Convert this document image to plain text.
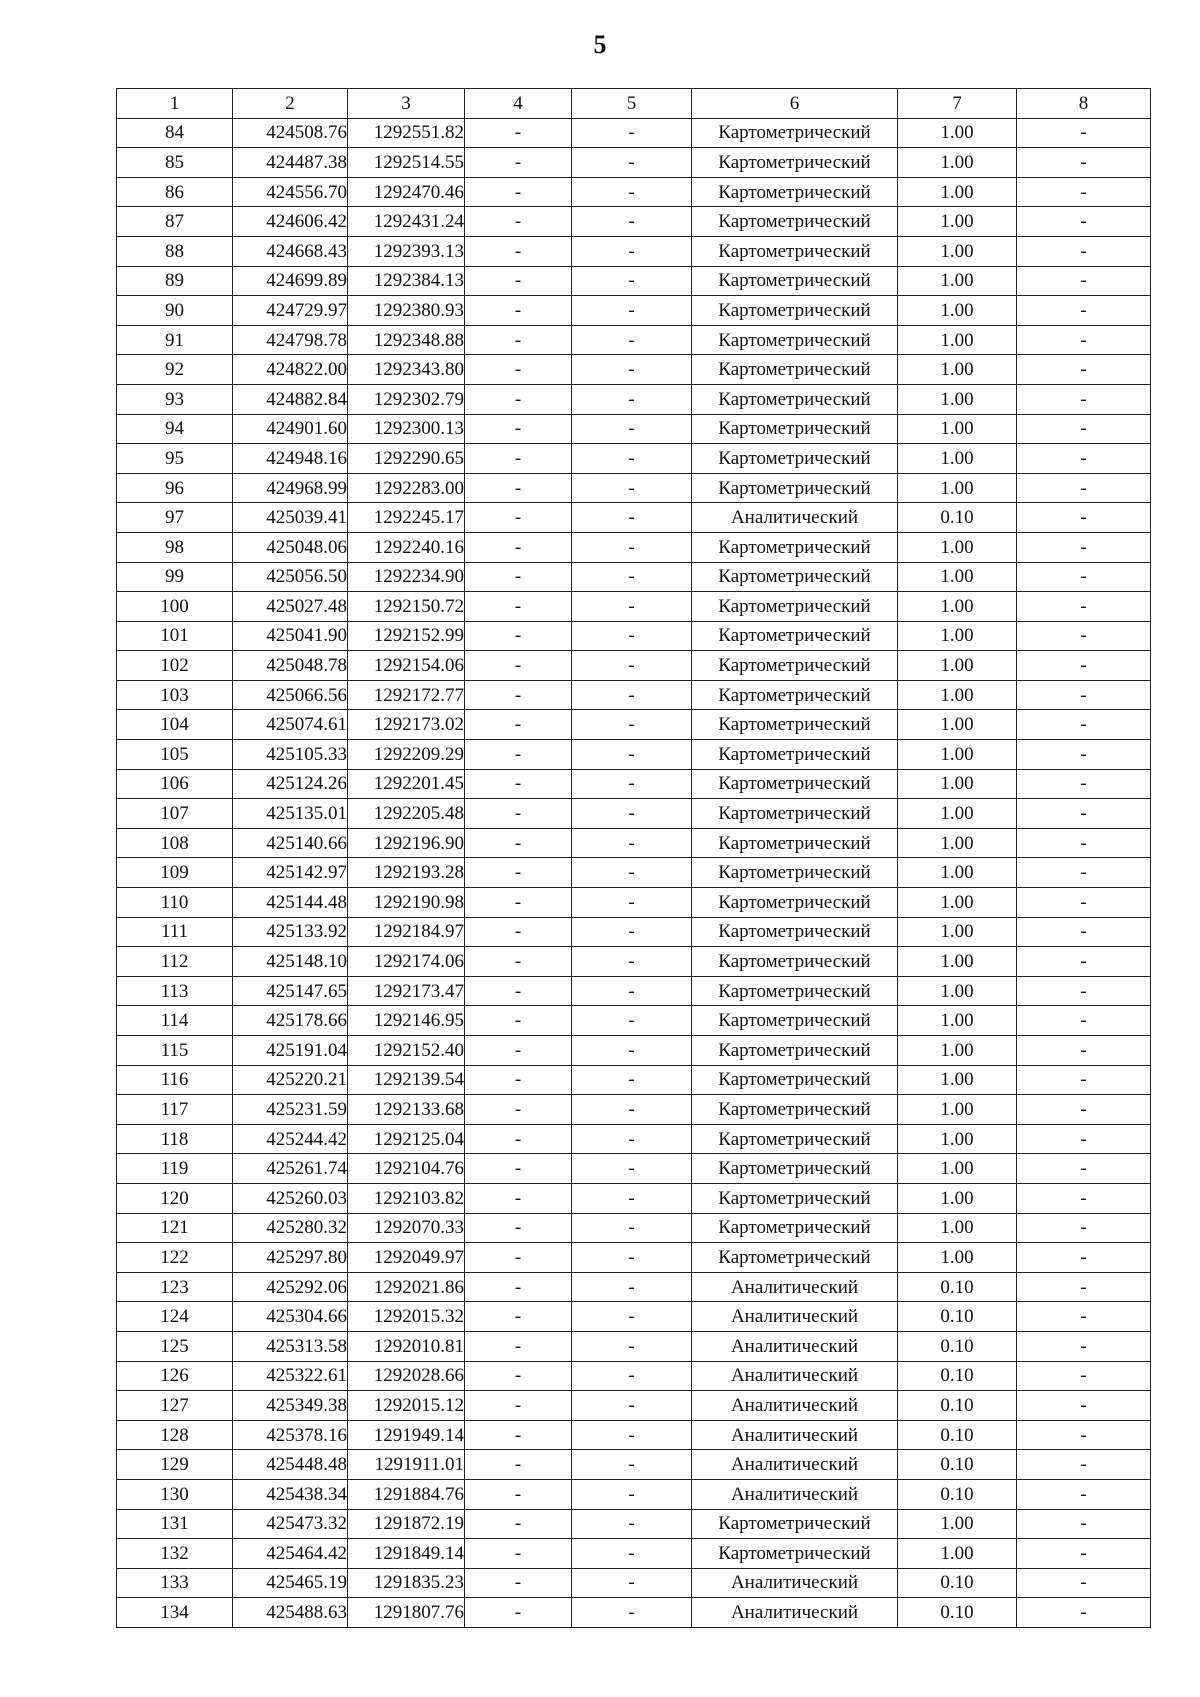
5
1	2	3	4	5	6	7	8
84	424508.76	1292551.82	-	-	Картометрический	1.00	-
85	424487.38	1292514.55	-	-	Картометрический	1.00	-
86	424556.70	1292470.46	-	-	Картометрический	1.00	-
87	424606.42	1292431.24	-	-	Картометрический	1.00	-
88	424668.43	1292393.13	-	-	Картометрический	1.00	-
89	424699.89	1292384.13	-	-	Картометрический	1.00	-
90	424729.97	1292380.93	-	-	Картометрический	1.00	-
91	424798.78	1292348.88	-	-	Картометрический	1.00	-
92	424822.00	1292343.80	-	-	Картометрический	1.00	-
93	424882.84	1292302.79	-	-	Картометрический	1.00	-
94	424901.60	1292300.13	-	-	Картометрический	1.00	-
95	424948.16	1292290.65	-	-	Картометрический	1.00	-
96	424968.99	1292283.00	-	-	Картометрический	1.00	-
97	425039.41	1292245.17	-	-	Аналитический	0.10	-
98	425048.06	1292240.16	-	-	Картометрический	1.00	-
99	425056.50	1292234.90	-	-	Картометрический	1.00	-
100	425027.48	1292150.72	-	-	Картометрический	1.00	-
101	425041.90	1292152.99	-	-	Картометрический	1.00	-
102	425048.78	1292154.06	-	-	Картометрический	1.00	-
103	425066.56	1292172.77	-	-	Картометрический	1.00	-
104	425074.61	1292173.02	-	-	Картометрический	1.00	-
105	425105.33	1292209.29	-	-	Картометрический	1.00	-
106	425124.26	1292201.45	-	-	Картометрический	1.00	-
107	425135.01	1292205.48	-	-	Картометрический	1.00	-
108	425140.66	1292196.90	-	-	Картометрический	1.00	-
109	425142.97	1292193.28	-	-	Картометрический	1.00	-
110	425144.48	1292190.98	-	-	Картометрический	1.00	-
111	425133.92	1292184.97	-	-	Картометрический	1.00	-
112	425148.10	1292174.06	-	-	Картометрический	1.00	-
113	425147.65	1292173.47	-	-	Картометрический	1.00	-
114	425178.66	1292146.95	-	-	Картометрический	1.00	-
115	425191.04	1292152.40	-	-	Картометрический	1.00	-
116	425220.21	1292139.54	-	-	Картометрический	1.00	-
117	425231.59	1292133.68	-	-	Картометрический	1.00	-
118	425244.42	1292125.04	-	-	Картометрический	1.00	-
119	425261.74	1292104.76	-	-	Картометрический	1.00	-
120	425260.03	1292103.82	-	-	Картометрический	1.00	-
121	425280.32	1292070.33	-	-	Картометрический	1.00	-
122	425297.80	1292049.97	-	-	Картометрический	1.00	-
123	425292.06	1292021.86	-	-	Аналитический	0.10	-
124	425304.66	1292015.32	-	-	Аналитический	0.10	-
125	425313.58	1292010.81	-	-	Аналитический	0.10	-
126	425322.61	1292028.66	-	-	Аналитический	0.10	-
127	425349.38	1292015.12	-	-	Аналитический	0.10	-
128	425378.16	1291949.14	-	-	Аналитический	0.10	-
129	425448.48	1291911.01	-	-	Аналитический	0.10	-
130	425438.34	1291884.76	-	-	Аналитический	0.10	-
131	425473.32	1291872.19	-	-	Картометрический	1.00	-
132	425464.42	1291849.14	-	-	Картометрический	1.00	-
133	425465.19	1291835.23	-	-	Аналитический	0.10	-
134	425488.63	1291807.76	-	-	Аналитический	0.10	-
